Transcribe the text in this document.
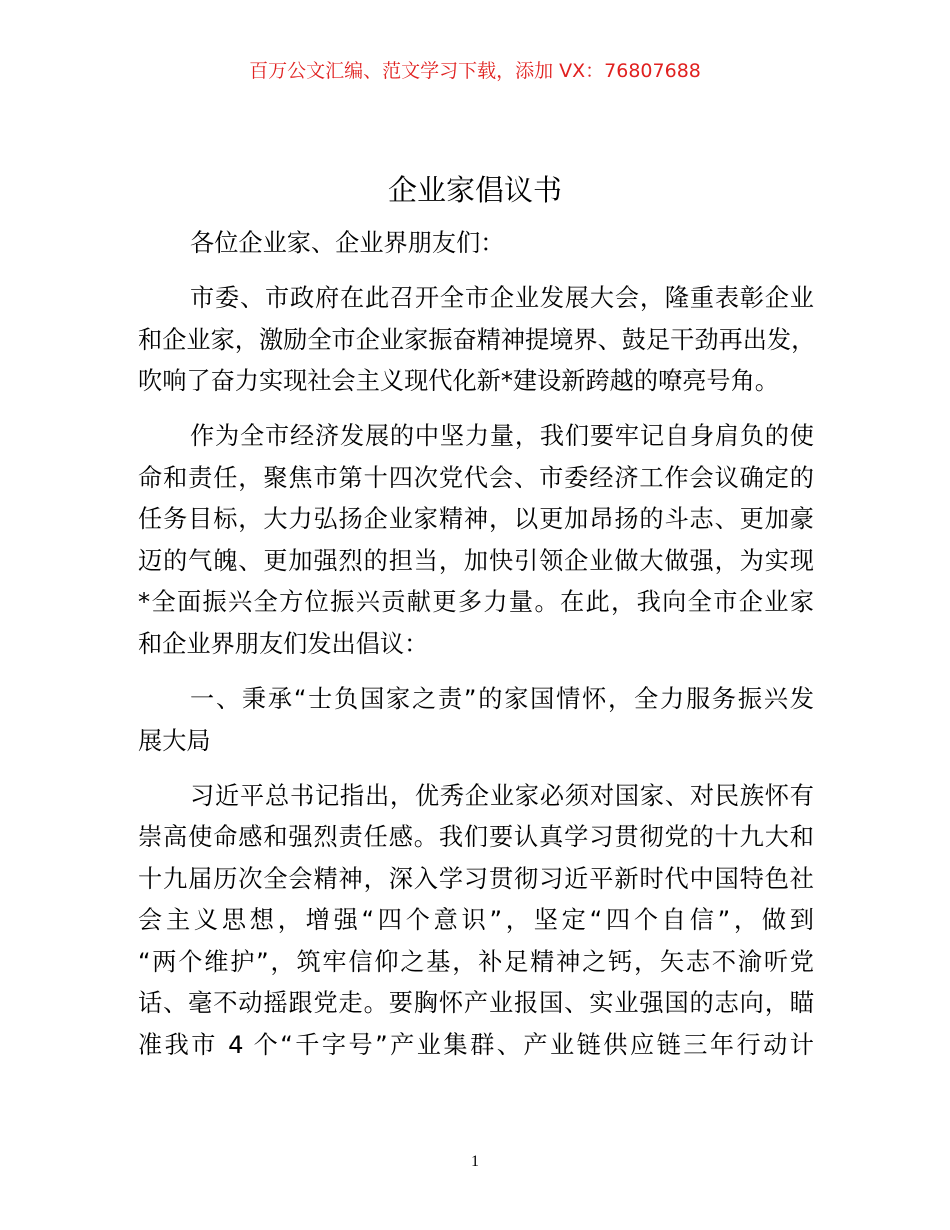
百万公文汇编、范文学习下载，添加 VX：76807688
企业家倡议书
各位企业家、企业界朋友们：
市委、市政府在此召开全市企业发展大会，隆重表彰企业
和企业家，激励全市企业家振奋精神提境界、鼓足干劲再出发，
吹响了奋力实现社会主义现代化新*建设新跨越的嘹亮号角。
作为全市经济发展的中坚力量，我们要牢记自身肩负的使
命和责任，聚焦市第十四次党代会、市委经济工作会议确定的
任务目标，大力弘扬企业家精神，以更加昂扬的斗志、更加豪
迈的气魄、更加强烈的担当，加快引领企业做大做强，为实现
*全面振兴全方位振兴贡献更多力量。在此，我向全市企业家
和企业界朋友们发出倡议：
一、秉承“士负国家之责”的家国情怀，全力服务振兴发
展大局
习近平总书记指出，优秀企业家必须对国家、对民族怀有
崇高使命感和强烈责任感。我们要认真学习贯彻党的十九大和
十九届历次全会精神，深入学习贯彻习近平新时代中国特色社
会主义思想，增强“四个意识”，坚定“四个自信”，做到
“两个维护”，筑牢信仰之基，补足精神之钙，矢志不渝听党
话、毫不动摇跟党走。要胸怀产业报国、实业强国的志向，瞄
准我市 4 个“千字号”产业集群、产业链供应链三年行动计
1
